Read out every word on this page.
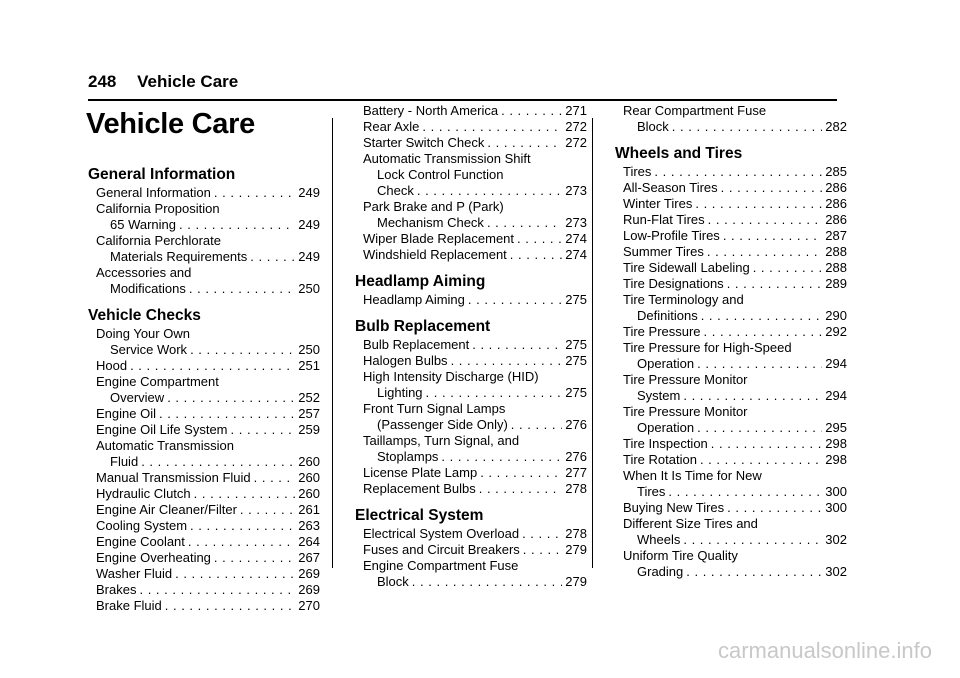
248 Vehicle Care
Vehicle Care
General Information
General Information . . .	249
California Proposition
65 Warning . . .	249
California Perchlorate
Materials Requirements . . .	249
Accessories and
Modifications . . .	250
Vehicle Checks
Doing Your Own
Service Work . . .	250
Hood . . .	251
Engine Compartment
Overview . . .	252
Engine Oil . . .	257
Engine Oil Life System . . .	259
Automatic Transmission
Fluid . . .	260
Manual Transmission Fluid . . .	260
Hydraulic Clutch . . .	260
Engine Air Cleaner/Filter . . .	261
Cooling System . . .	263
Engine Coolant . . .	264
Engine Overheating . . .	267
Washer Fluid . . .	269
Brakes . . .	269
Brake Fluid . . .	270
Battery - North America . . .	271
Rear Axle . . .	272
Starter Switch Check . . .	272
Automatic Transmission Shift
Lock Control Function
Check . . .	273
Park Brake and P (Park)
Mechanism Check . . .	273
Wiper Blade Replacement . . .	274
Windshield Replacement . . .	274
Headlamp Aiming
Headlamp Aiming . . .	275
Bulb Replacement
Bulb Replacement . . .	275
Halogen Bulbs . . .	275
High Intensity Discharge (HID)
Lighting . . .	275
Front Turn Signal Lamps
(Passenger Side Only) . . .	276
Taillamps, Turn Signal, and
Stoplamps . . .	276
License Plate Lamp . . .	277
Replacement Bulbs . . .	278
Electrical System
Electrical System Overload . . .	278
Fuses and Circuit Breakers . . .	279
Engine Compartment Fuse
Block . . .	279
Rear Compartment Fuse
Block . . .	282
Wheels and Tires
Tires . . .	285
All-Season Tires . . .	286
Winter Tires . . .	286
Run-Flat Tires . . .	286
Low-Profile Tires . . .	287
Summer Tires . . .	288
Tire Sidewall Labeling . . .	288
Tire Designations . . .	289
Tire Terminology and
Definitions . . .	290
Tire Pressure . . .	292
Tire Pressure for High-Speed
Operation . . .	294
Tire Pressure Monitor
System . . .	294
Tire Pressure Monitor
Operation . . .	295
Tire Inspection . . .	298
Tire Rotation . . .	298
When It Is Time for New
Tires . . .	300
Buying New Tires . . .	300
Different Size Tires and
Wheels . . .	302
Uniform Tire Quality
Grading . . .	302
carmanualsonline.info
